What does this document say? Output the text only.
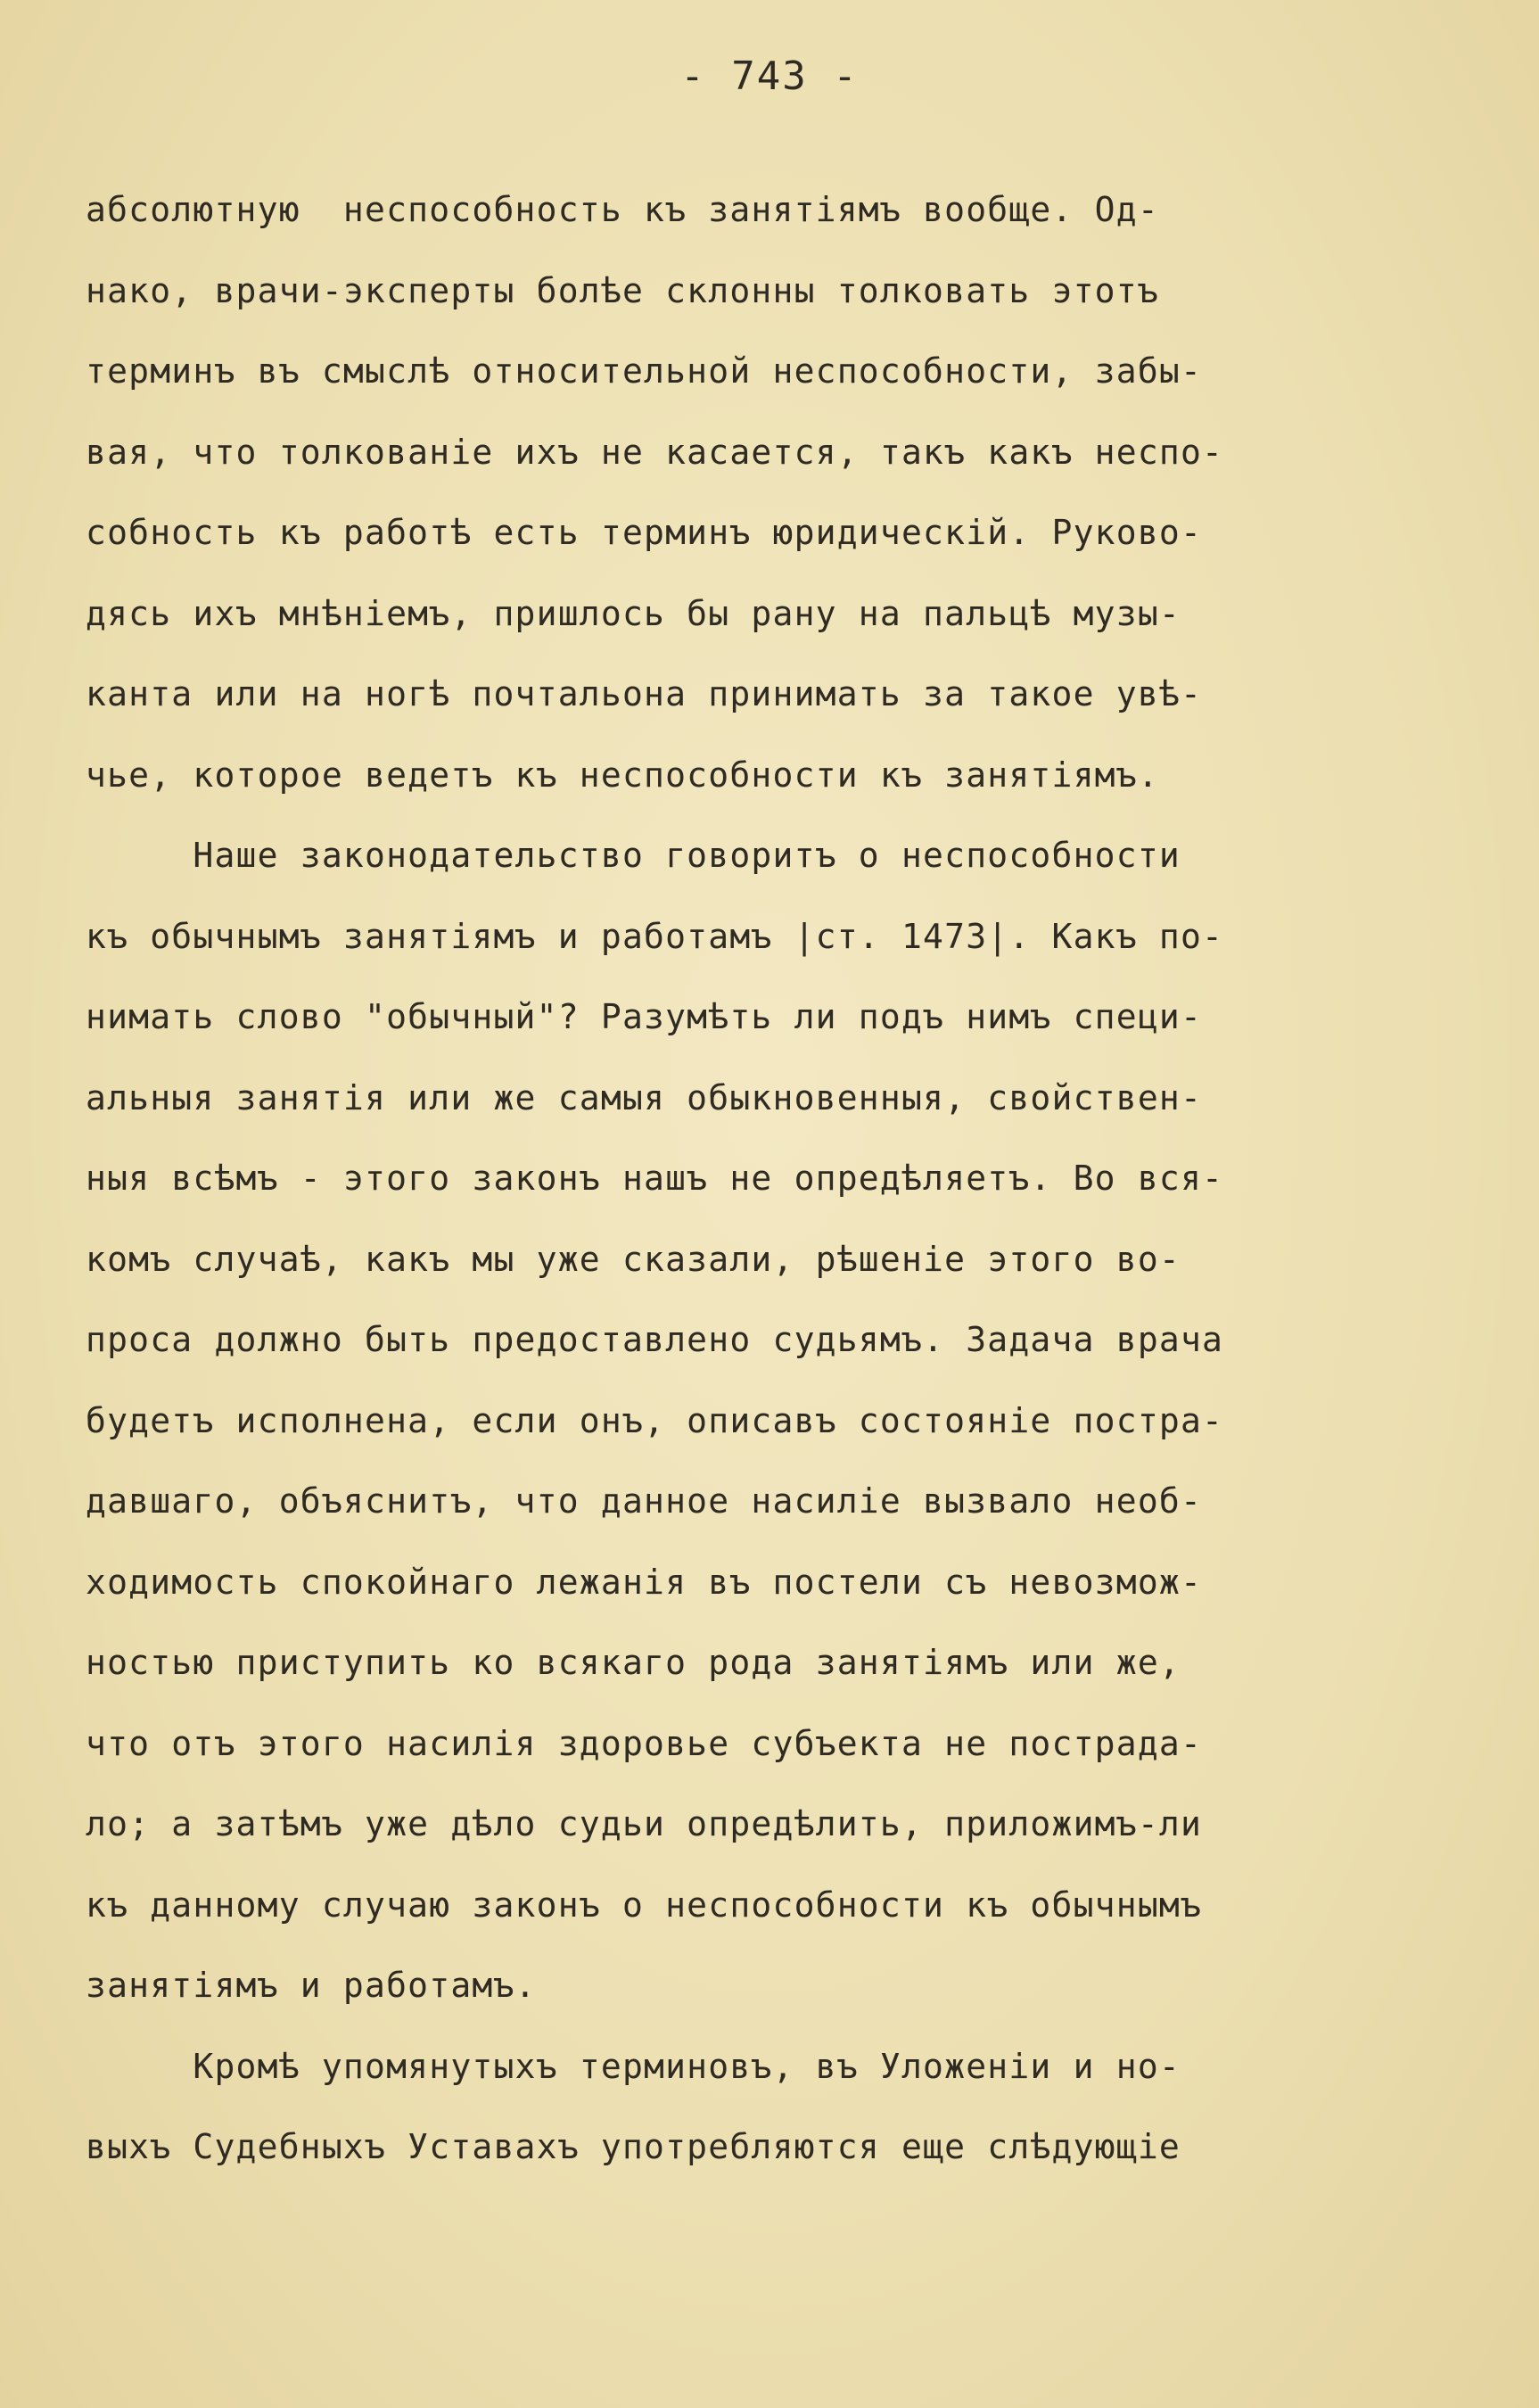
- 743 -
абсолютную  неспособность къ занятiямъ вообще. Од-
нако, врачи-эксперты болѣе склонны толковать этотъ
терминъ въ смыслѣ относительной неспособности, забы-
вая, что толкованiе ихъ не касается, такъ какъ неспо-
собность къ работѣ есть терминъ юридическiй. Руково-
дясь ихъ мнѣнiемъ, пришлось бы рану на пальцѣ музы-
канта или на ногѣ почтальона принимать за такое увѣ-
чье, которое ведетъ къ неспособности къ занятiямъ.
Наше законодательство говоритъ о неспособности
къ обычнымъ занятiямъ и работамъ |ст. 1473|. Какъ по-
нимать слово "обычный"? Разумѣть ли подъ нимъ специ-
альныя занятiя или же самыя обыкновенныя, свойствен-
ныя всѣмъ - этого законъ нашъ не опредѣляетъ. Во вся-
комъ случаѣ, какъ мы уже сказали, рѣшенiе этого во-
проса должно быть предоставлено судьямъ. Задача врача
будетъ исполнена, если онъ, описавъ состоянiе постра-
давшаго, объяснитъ, что данное насилiе вызвало необ-
ходимость спокойнаго лежанiя въ постели съ невозмож-
ностью приступить ко всякаго рода занятiямъ или же,
что отъ этого насилiя здоровье субъекта не пострада-
ло; а затѣмъ уже дѣло судьи опредѣлить, приложимъ-ли
къ данному случаю законъ о неспособности къ обычнымъ
занятiямъ и работамъ.
Кромѣ упомянутыхъ терминовъ, въ Уложенiи и но-
выхъ Судебныхъ Уставахъ употребляются еще слѣдующiе
